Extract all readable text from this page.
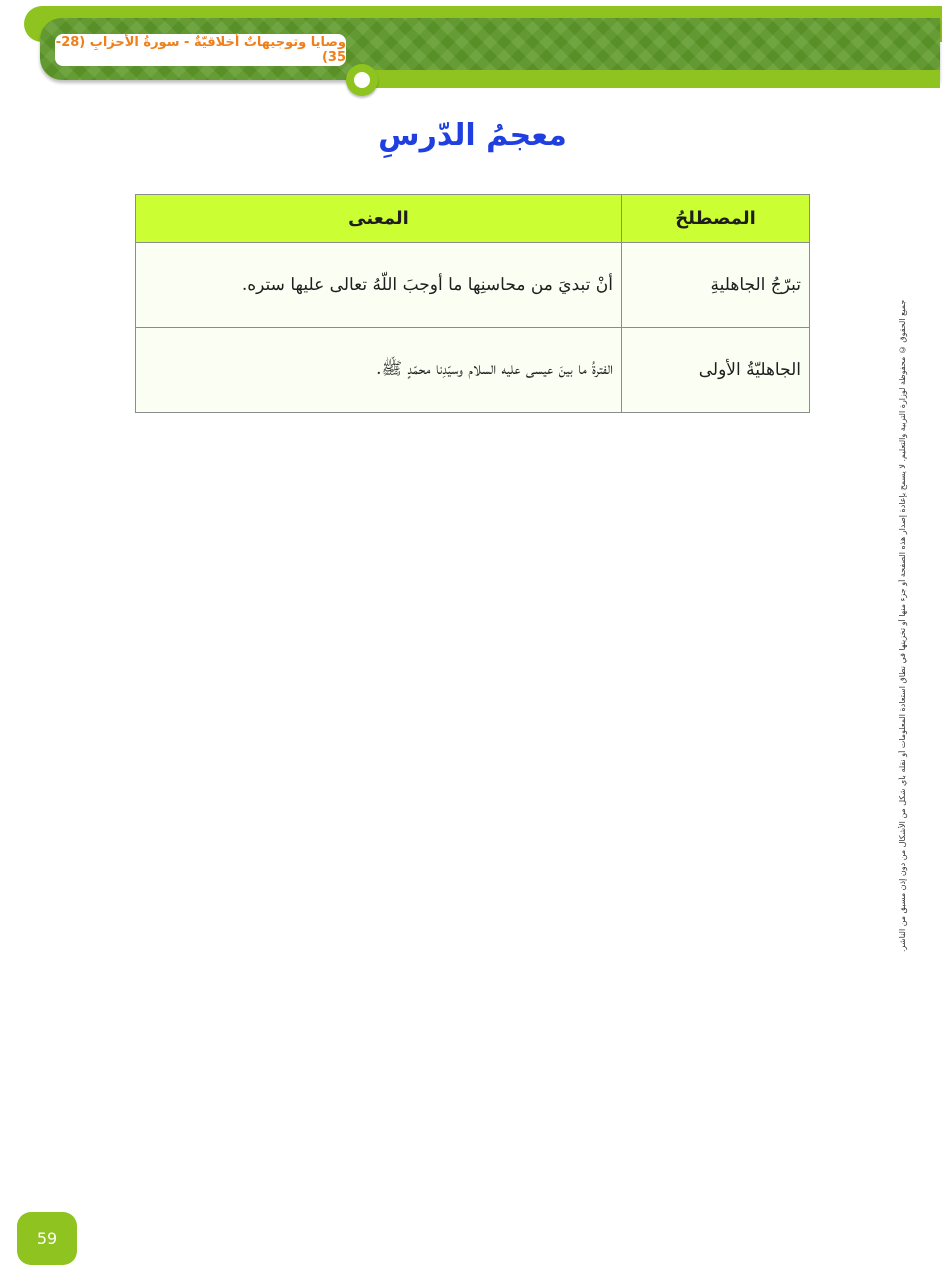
وصايا وتوجيهاتٌ أخلاقيّةٌ - سورةُ الأحزابِ (28-35)
معجمُ الدّرسِ
المصطلحُ	المعنى
تبرّجُ الجاهليةِ	أنْ تبديَ من محاسنِها ما أوجبَ اللّهُ تعالى عليها ستره.
الجاهليّةُ الأولى	الفترةُ ما بينَ عيسى عليه السلام وسيّدِنا محمّدٍ ﷺ.	جميع الحقوق © محفوظة لوزارة التربية والتعليم. لا يسمح بإعادة إصدار هذه الصفحة أو جزء منها أو تخزينها في نطاق استعادة المعلومات أو نقله بأي شكل من الأشكال من دون إذن مسبق من الناشر.
59
